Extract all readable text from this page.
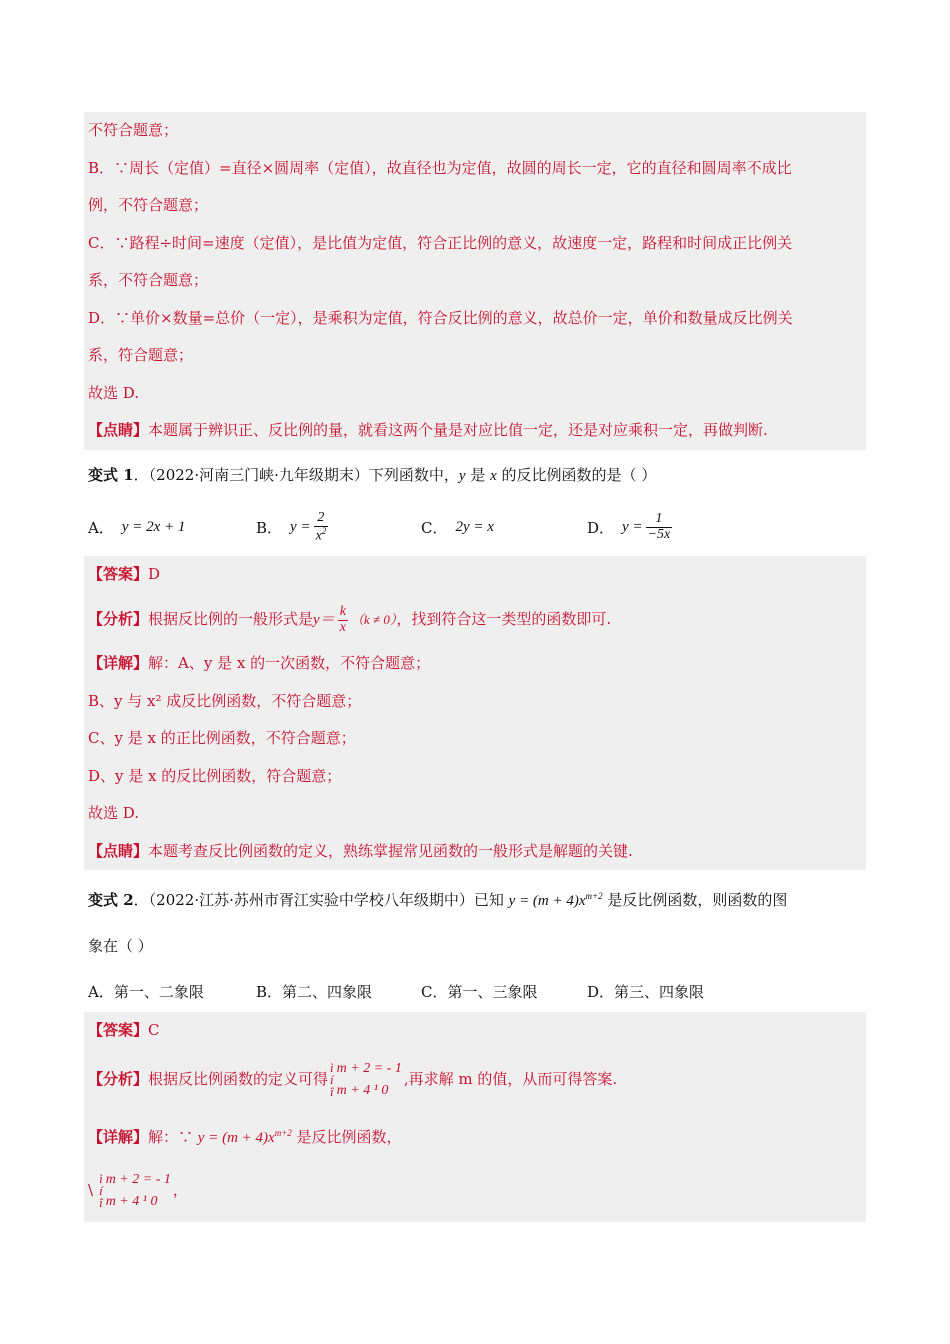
不符合题意；
B．∵周长（定值）=直径×圆周率（定值），故直径也为定值，故圆的周长一定，它的直径和圆周率不成比
例，不符合题意；
C．∵路程÷时间=速度（定值），是比值为定值，符合正比例的意义，故速度一定，路程和时间成正比例关
系，不符合题意；
D．∵单价×数量=总价（一定），是乘积为定值，符合反比例的意义，故总价一定，单价和数量成反比例关
系，符合题意；
故选 D.
【点睛】本题属于辨识正、反比例的量，就看这两个量是对应比值一定，还是对应乘积一定，再做判断.
变式 1．（2022·河南三门峡·九年级期末）下列函数中，y 是 x 的反比例函数的是（ ）
A． y = 2x + 1	B． $y = \frac{2}{x^2}$	C． 2y = x	D． $y = \frac{1}{-5x}$
【答案】D
【分析】根据反比例的一般形式是$y= \frac{k}{x} (k \ne 0)$，找到符合这一类型的函数即可.
【详解】解：A、y 是 x 的一次函数，不符合题意；
B、y 与 x² 成反比例函数，不符合题意；
C、y 是 x 的正比例函数，不符合题意；
D、y 是 x 的反比例函数，符合题意；
故选 D.
【点睛】本题考查反比例函数的定义，熟练掌握常见函数的一般形式是解题的关键.
变式 2．（2022·江苏·苏州市胥江实验中学校八年级期中）已知 $y = (m + 4)x^{m+2}$ 是反比例函数，则函数的图
象在（ ）
A．第一、二象限	B．第二、四象限	C．第一、三象限	D．第三、四象限
【答案】C
【分析】根据反比例函数的定义可得
ì
í
î
m + 2 = - 1
m + 4 ¹ 0
,再求解 m 的值，从而可得答案.
【详解】解：∵ $y = (m + 4)x^{m+2}$ 是反比例函数，
\
ì
í
î
m + 2 = - 1
m + 4 ¹ 0
，
